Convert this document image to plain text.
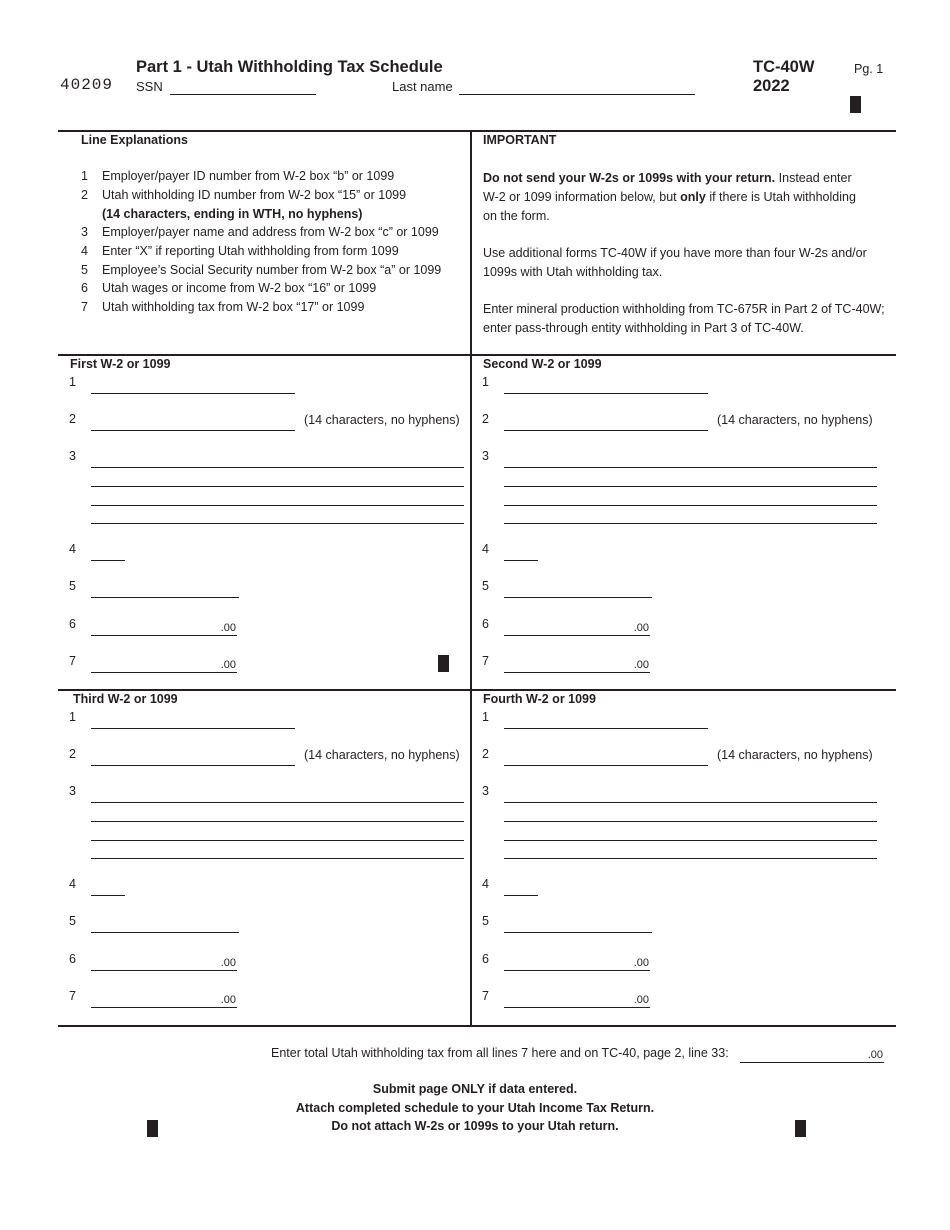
40209
Part 1 - Utah Withholding Tax Schedule
SSN	Last name
TC-40W
2022
Pg. 1
Line Explanations
1 Employer/payer ID number from W-2 box “b” or 1099
2 Utah withholding ID number from W-2 box “15” or 1099
(14 characters, ending in WTH, no hyphens)
3 Employer/payer name and address from W-2 box “c” or 1099
4 Enter “X” if reporting Utah withholding from form 1099
5 Employee’s Social Security number from W-2 box “a” or 1099
6 Utah wages or income from W-2 box “16” or 1099
7 Utah withholding tax from W-2 box “17” or 1099
IMPORTANT
Do not send your W-2s or 1099s with your return. Instead enter
W-2 or 1099 information below, but only if there is Utah withholding
on the form.
Use additional forms TC-40W if you have more than four W-2s and/or
1099s with Utah withholding tax.
Enter mineral production withholding from TC-675R in Part 2 of TC-40W;
enter pass-through entity withholding in Part 3 of TC-40W.
First W-2 or 1099
1
2
3
4
5
6
7
(14 characters, no hyphens)
.00
.00
Second W-2 or 1099
1
2
3
4
5
6
7
(14 characters, no hyphens)
.00
.00
Third W-2 or 1099
1
2
3
4
5
6
7
(14 characters, no hyphens)
.00
.00
Fourth W-2 or 1099
1
2
3
4
5
6
7
(14 characters, no hyphens)
.00
.00
Enter total Utah withholding tax from all lines 7 here and on TC-40, page 2, line 33:	.00
Submit page ONLY if data entered.
Attach completed schedule to your Utah Income Tax Return.
Do not attach W-2s or 1099s to your Utah return.
